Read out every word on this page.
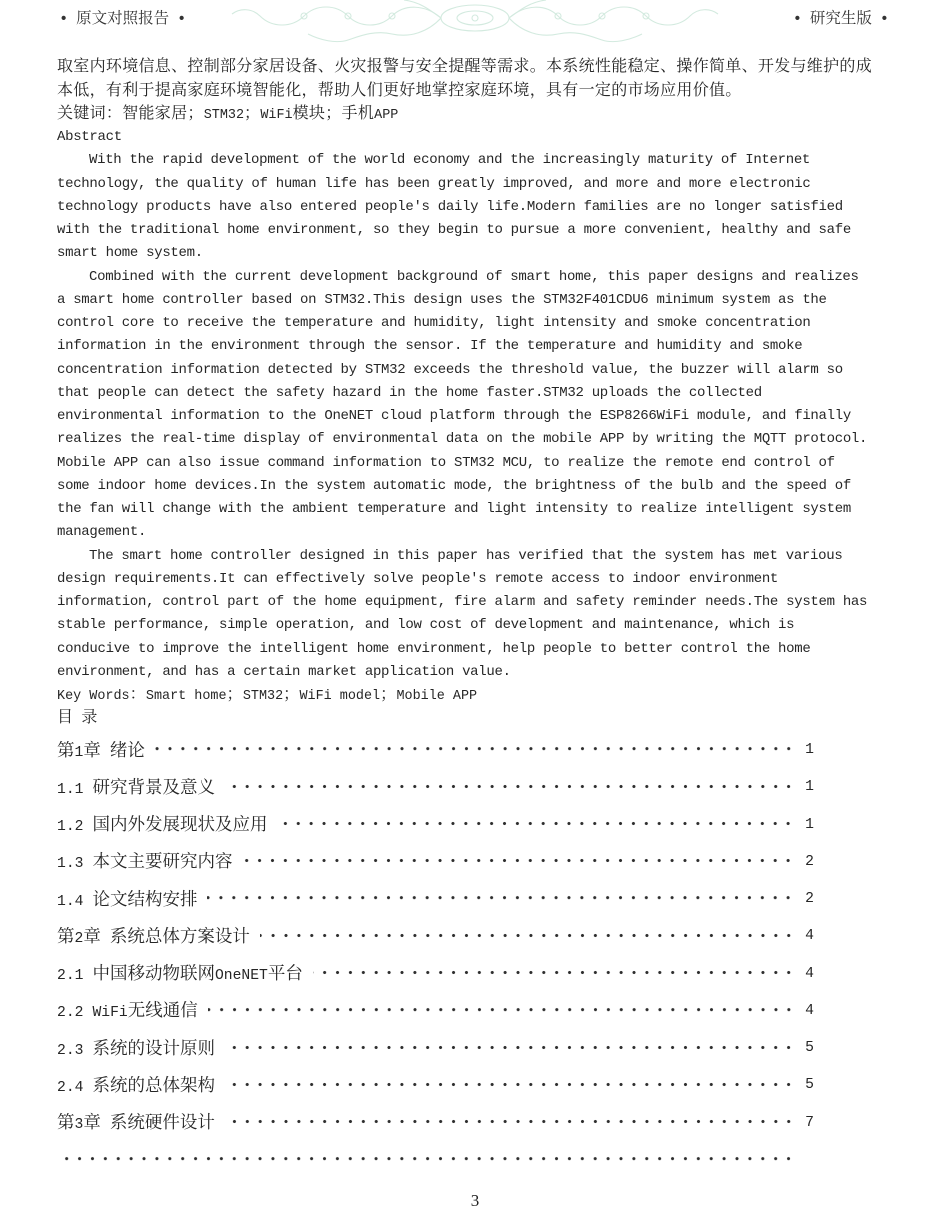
• 原文对照报告 •	• 研究生版 •
取室内环境信息、控制部分家居设备、火灾报警与安全提醒等需求。本系统性能稳定、操作简单、开发与维护的成
本低，有利于提高家庭环境智能化，帮助人们更好地掌控家庭环境，具有一定的市场应用价值。
关键词：智能家居；STM32；WiFi模块；手机APP
Abstract
With the rapid development of the world economy and the increasingly maturity of Internet
technology, the quality of human life has been greatly improved, and more and more electronic
technology products have also entered people's daily life.Modern families are no longer satisfied
with the traditional home environment, so they begin to pursue a more convenient, healthy and safe
smart home system.
Combined with the current development background of smart home, this paper designs and realizes
a smart home controller based on STM32.This design uses the STM32F401CDU6 minimum system as the
control core to receive the temperature and humidity, light intensity and smoke concentration
information in the environment through the sensor. If the temperature and humidity and smoke
concentration information detected by STM32 exceeds the threshold value, the buzzer will alarm so
that people can detect the safety hazard in the home faster.STM32 uploads the collected
environmental information to the OneNET cloud platform through the ESP8266WiFi module, and finally
realizes the real-time display of environmental data on the mobile APP by writing the MQTT protocol.
Mobile APP can also issue command information to STM32 MCU, to realize the remote end control of
some indoor home devices.In the system automatic mode, the brightness of the bulb and the speed of
the fan will change with the ambient temperature and light intensity to realize intelligent system
management.
The smart home controller designed in this paper has verified that the system has met various
design requirements.It can effectively solve people's remote access to indoor environment
information, control part of the home equipment, fire alarm and safety reminder needs.The system has
stable performance, simple operation, and low cost of development and maintenance, which is
conducive to improve the intelligent home environment, help people to better control the home
environment, and has a certain market application value.
Key Words：Smart home；STM32；WiFi model；Mobile APP
目 录
第1章 绪论	1
1.1 研究背景及意义	1
1.2 国内外发展现状及应用	1
1.3 本文主要研究内容	2
1.4 论文结构安排	2
第2章 系统总体方案设计	4
2.1 中国移动物联网OneNET平台	4
2.2 WiFi无线通信	4
2.3 系统的设计原则	5
2.4 系统的总体架构	5
第3章 系统硬件设计	7
3
